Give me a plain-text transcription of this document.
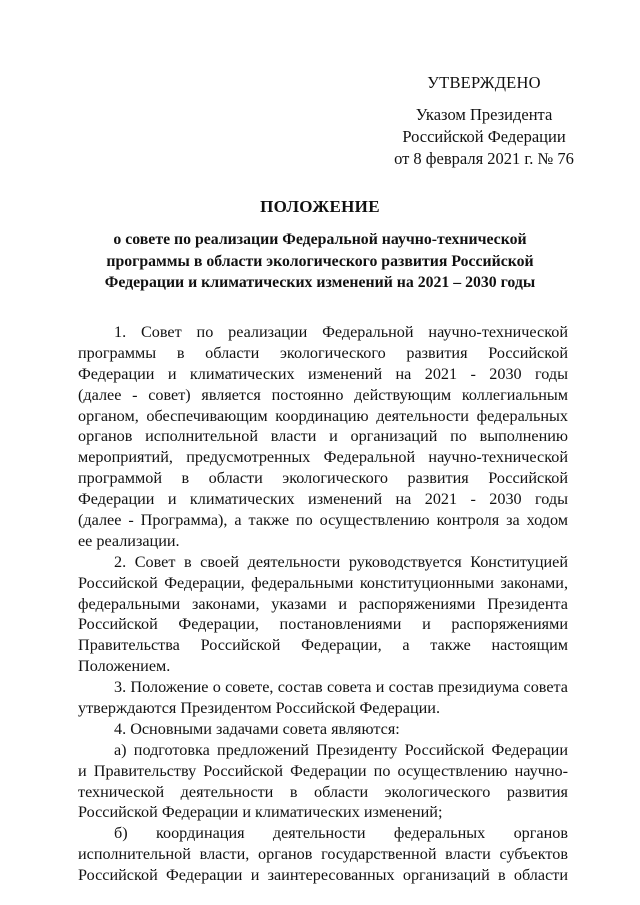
УТВЕРЖДЕНО
Указом Президента
Российской Федерации
от 8 февраля 2021 г. № 76
ПОЛОЖЕНИЕ
о совете по реализации Федеральной научно-технической
программы в области экологического развития Российской
Федерации и климатических изменений на 2021 – 2030 годы
1. Совет по реализации Федеральной научно-технической
программы в области экологического развития Российской
Федерации и климатических изменений на 2021 - 2030 годы
(далее - совет) является постоянно действующим коллегиальным
органом, обеспечивающим координацию деятельности федеральных
органов исполнительной власти и организаций по выполнению
мероприятий, предусмотренных Федеральной научно-технической
программой в области экологического развития Российской
Федерации и климатических изменений на 2021 - 2030 годы
(далее - Программа), а также по осуществлению контроля за ходом
ее реализации.
2. Совет в своей деятельности руководствуется Конституцией
Российской Федерации, федеральными конституционными законами,
федеральными законами, указами и распоряжениями Президента
Российской Федерации, постановлениями и распоряжениями
Правительства Российской Федерации, а также настоящим
Положением.
3. Положение о совете, состав совета и состав президиума совета
утверждаются Президентом Российской Федерации.
4. Основными задачами совета являются:
а) подготовка предложений Президенту Российской Федерации
и Правительству Российской Федерации по осуществлению научно-
технической деятельности в области экологического развития
Российской Федерации и климатических изменений;
б) координация деятельности федеральных органов
исполнительной власти, органов государственной власти субъектов
Российской Федерации и заинтересованных организаций в области
